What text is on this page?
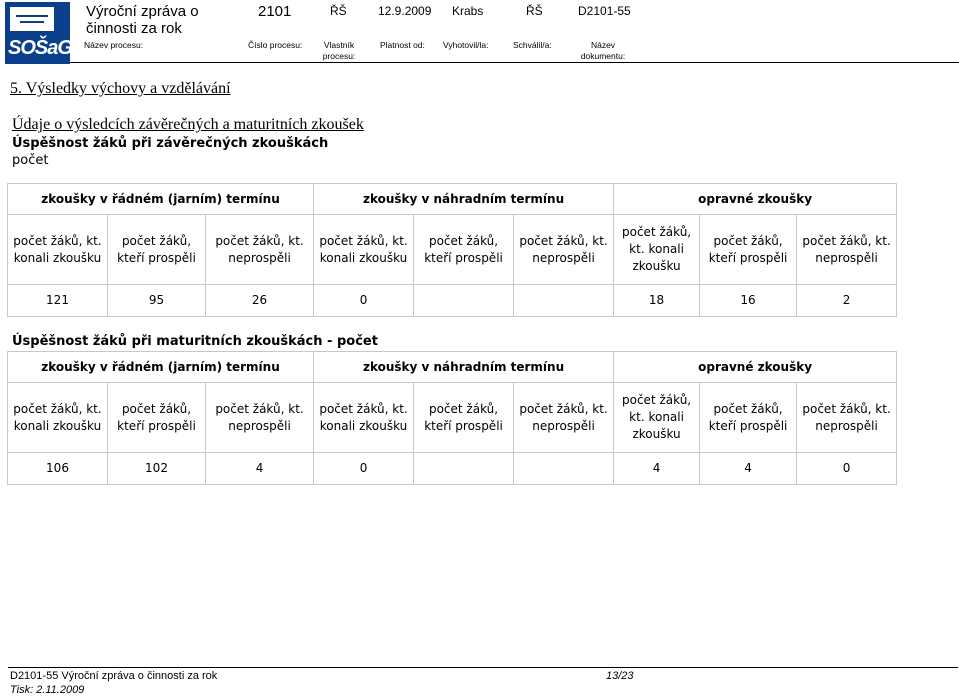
SOŠaG
Výroční zpráva o činnosti za rok
2101	ŘŠ	12.9.2009 Krabs	ŘŠ	D2101-55
Název procesu:	Číslo procesu:	Vlastník procesu:
Platnost od: Vyhotovil/la:	Schválil/a:	Název dokumentu:
5. Výsledky výchovy a vzdělávání
Údaje o výsledcích závěrečných a maturitních zkoušek
Úspěšnost žáků při závěrečných zkouškách
počet
zkoušky v řádném (jarním) termínu			zkoušky v náhradním termínu			opravné zkoušky		
počet žáků, kt. konali zkoušku	počet žáků, kteří prospěli	počet žáků, kt. neprospěli	počet žáků, kt. konali zkoušku	počet žáků, kteří prospěli	počet žáků, kt. neprospěli	počet žáků, kt. konali zkoušku	počet žáků, kteří prospěli	počet žáků, kt. neprospěli
121	95	26	0			18	16	2
Úspěšnost žáků při maturitních zkouškách - počet
zkoušky v řádném (jarním) termínu			zkoušky v náhradním termínu			opravné zkoušky		
počet žáků, kt. konali zkoušku	počet žáků, kteří prospěli	počet žáků, kt. neprospěli	počet žáků, kt. konali zkoušku	počet žáků, kteří prospěli	počet žáků, kt. neprospěli	počet žáků, kt. konali zkoušku	počet žáků, kteří prospěli	počet žáků, kt. neprospěli
106	102	4	0			4	4	0
D2101-55 Výroční zpráva o činnosti za rok	13/23
Tisk: 2.11.2009
